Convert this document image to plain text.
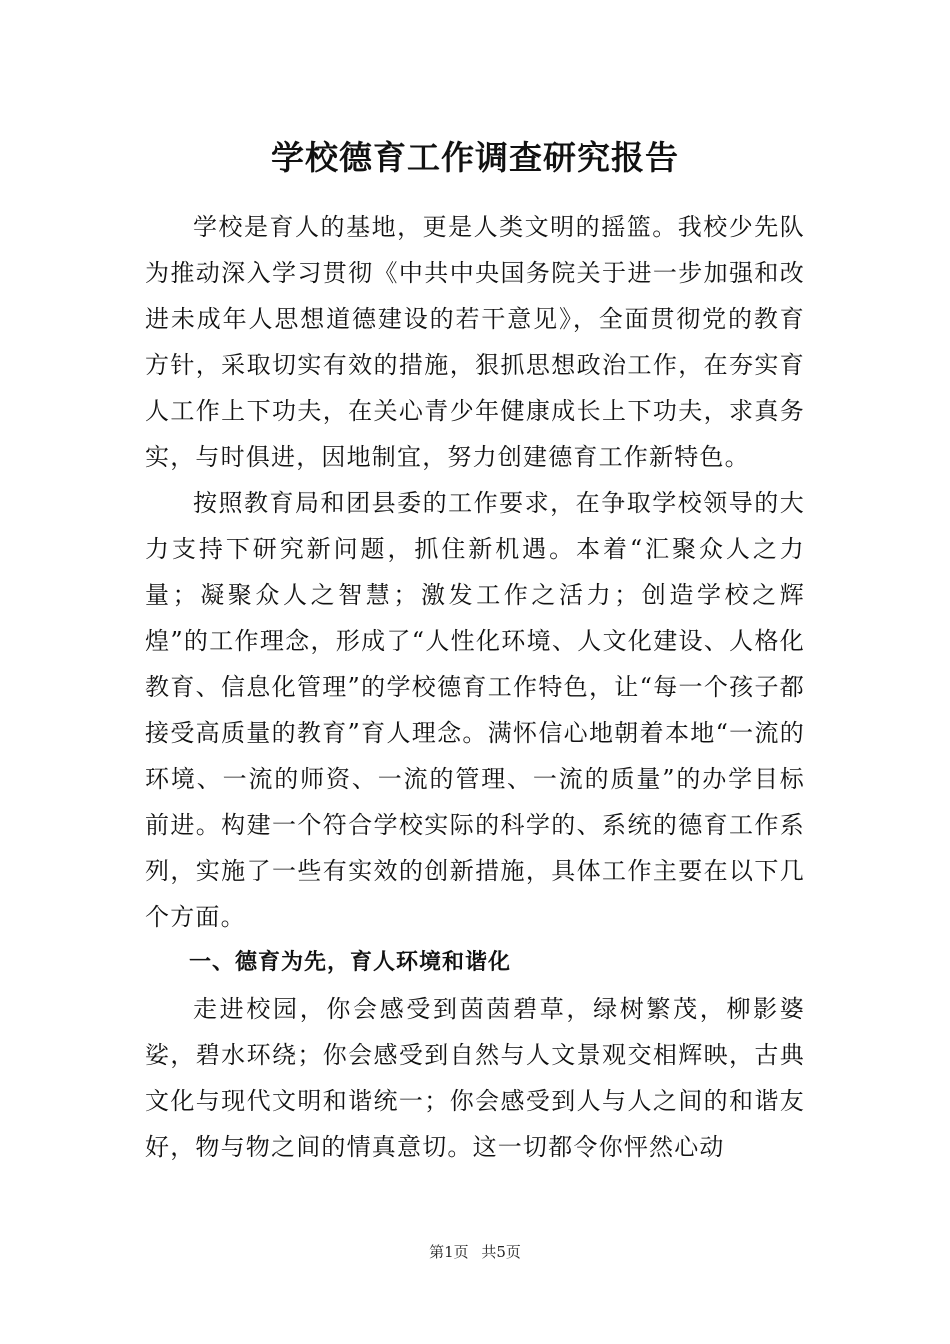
学校德育工作调查研究报告

学校是育人的基地，更是人类文明的摇篮。我校少先队为推动深入学习贯彻《中共中央国务院关于进一步加强和改进未成年人思想道德建设的若干意见》，全面贯彻党的教育方针，采取切实有效的措施，狠抓思想政治工作，在夯实育人工作上下功夫，在关心青少年健康成长上下功夫，求真务实，与时俱进，因地制宜，努力创建德育工作新特色。

按照教育局和团县委的工作要求，在争取学校领导的大力支持下研究新问题，抓住新机遇。本着“汇聚众人之力量；凝聚众人之智慧；激发工作之活力；创造学校之辉煌”的工作理念，形成了“人性化环境、人文化建设、人格化教育、信息化管理”的学校德育工作特色，让“每一个孩子都接受高质量的教育”育人理念。满怀信心地朝着本地“一流的环境、一流的师资、一流的管理、一流的质量”的办学目标前进。构建一个符合学校实际的科学的、系统的德育工作系列，实施了一些有实效的创新措施，具体工作主要在以下几个方面。

一、德育为先，育人环境和谐化

走进校园，你会感受到茵茵碧草，绿树繁茂，柳影婆娑，碧水环绕；你会感受到自然与人文景观交相辉映，古典文化与现代文明和谐统一；你会感受到人与人之间的和谐友好，物与物之间的情真意切。这一切都令你怦然心动

第1页 共5页
